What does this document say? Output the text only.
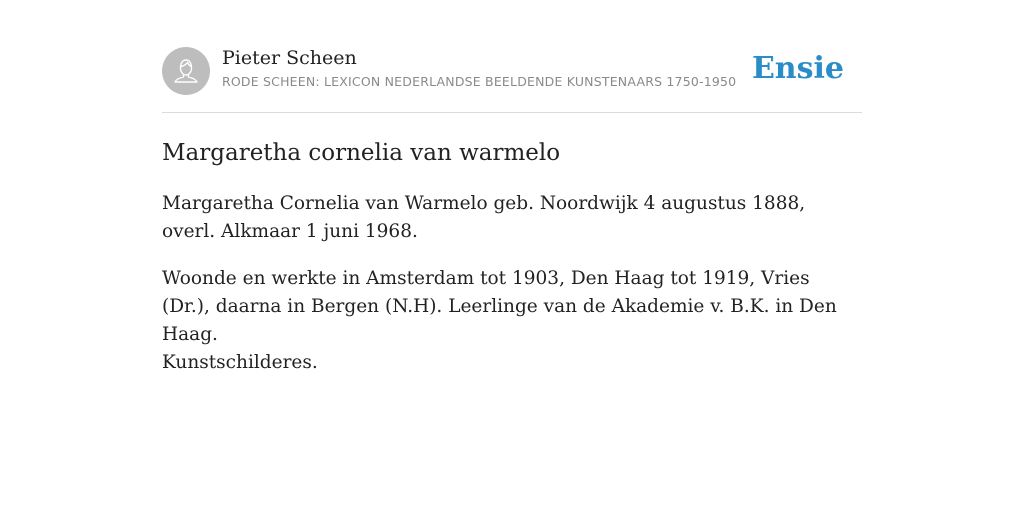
Pieter Scheen
RODE SCHEEN: LEXICON NEDERLANDSE BEELDENDE KUNSTENAARS 1750-1950 Ensie
Margaretha cornelia van warmelo

Margaretha Cornelia van Warmelo geb. Noordwijk 4 augustus 1888, overl. Alkmaar 1 juni 1968.

Woonde en werkte in Amsterdam tot 1903, Den Haag tot 1919, Vries (Dr.), daarna in Bergen (N.H). Leerlinge van de Akademie v. B.K. in Den Haag.

Kunstschilderes.
